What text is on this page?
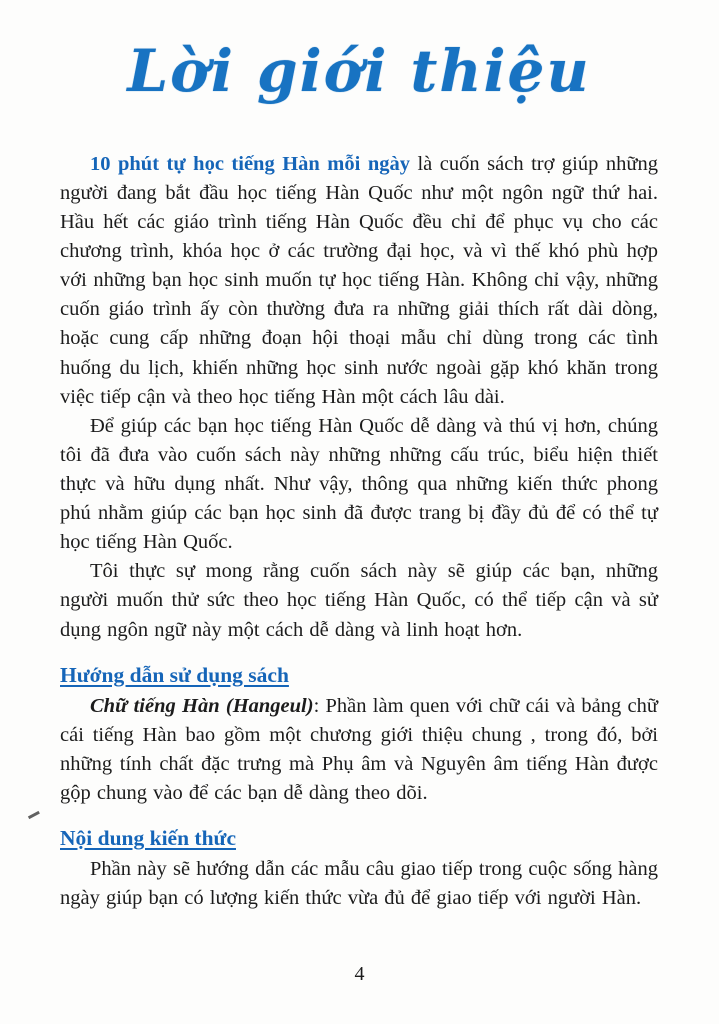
Lời giới thiệu

10 phút tự học tiếng Hàn mỗi ngày là cuốn sách trợ giúp những người đang bắt đầu học tiếng Hàn Quốc như một ngôn ngữ thứ hai. Hầu hết các giáo trình tiếng Hàn Quốc đều chỉ để phục vụ cho các chương trình, khóa học ở các trường đại học, và vì thế khó phù hợp với những bạn học sinh muốn tự học tiếng Hàn. Không chỉ vậy, những cuốn giáo trình ấy còn thường đưa ra những giải thích rất dài dòng, hoặc cung cấp những đoạn hội thoại mẫu chỉ dùng trong các tình huống du lịch, khiến những học sinh nước ngoài gặp khó khăn trong việc tiếp cận và theo học tiếng Hàn một cách lâu dài.

Để giúp các bạn học tiếng Hàn Quốc dễ dàng và thú vị hơn, chúng tôi đã đưa vào cuốn sách này những những cấu trúc, biểu hiện thiết thực và hữu dụng nhất. Như vậy, thông qua những kiến thức phong phú nhằm giúp các bạn học sinh đã được trang bị đầy đủ để có thể tự học tiếng Hàn Quốc.

Tôi thực sự mong rằng cuốn sách này sẽ giúp các bạn, những người muốn thử sức theo học tiếng Hàn Quốc, có thể tiếp cận và sử dụng ngôn ngữ này một cách dễ dàng và linh hoạt hơn.

Hướng dẫn sử dụng sách

Chữ tiếng Hàn (Hangeul): Phần làm quen với chữ cái và bảng chữ cái tiếng Hàn bao gồm một chương giới thiệu chung , trong đó, bởi những tính chất đặc trưng mà Phụ âm và Nguyên âm tiếng Hàn được gộp chung vào để các bạn dễ dàng theo dõi.

Nội dung kiến thức

Phần này sẽ hướng dẫn các mẫu câu giao tiếp trong cuộc sống hàng ngày giúp bạn có lượng kiến thức vừa đủ để giao tiếp với người Hàn.

4
